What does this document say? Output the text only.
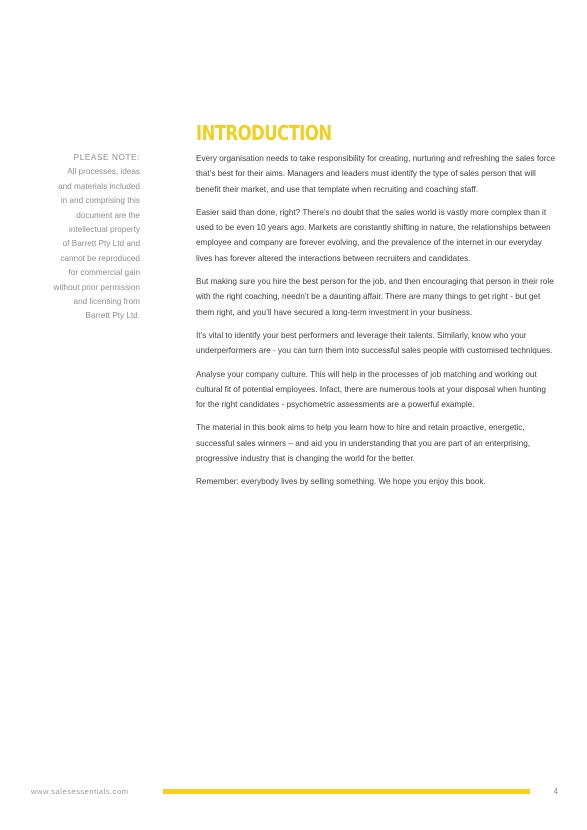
INTRODUCTION
PLEASE NOTE:
All processes, ideas
and materials included
in and comprising this
document are the
intellectual property
of Barrett Pty Ltd and
cannot be reproduced
for commercial gain
without prior permission
and licensing from
Barrett Pty Ltd.

Every organisation needs to take responsibility for creating, nurturing and refreshing the sales force that’s best for their aims. Managers and leaders must identify the type of sales person that will benefit their market, and use that template when recruiting and coaching staff.

Easier said than done, right? There’s no doubt that the sales world is vastly more complex than it used to be even 10 years ago. Markets are constantly shifting in nature, the relationships between employee and company are forever evolving, and the prevalence of the internet in our everyday lives has forever altered the interactions between recruiters and candidates.

But making sure you hire the best person for the job, and then encouraging that person in their role with the right coaching, needn’t be a daunting affair. There are many things to get right - but get them right, and you’ll have secured a long-term investment in your business.

It’s vital to identify your best performers and leverage their talents. Similarly, know who your underperformers are - you can turn them into successful sales people with customised techniques.

Analyse your company culture. This will help in the processes of job matching and working out cultural fit of potential employees. Infact, there are numerous tools at your disposal when hunting for the right candidates - psychometric assessments are a powerful example.

The material in this book aims to help you learn how to hire and retain proactive, energetic, successful sales winners – and aid you in understanding that you are part of an enterprising, progressive industry that is changing the world for the better.

Remember: everybody lives by selling something. We hope you enjoy this book.

www.salesessentials.com	4
